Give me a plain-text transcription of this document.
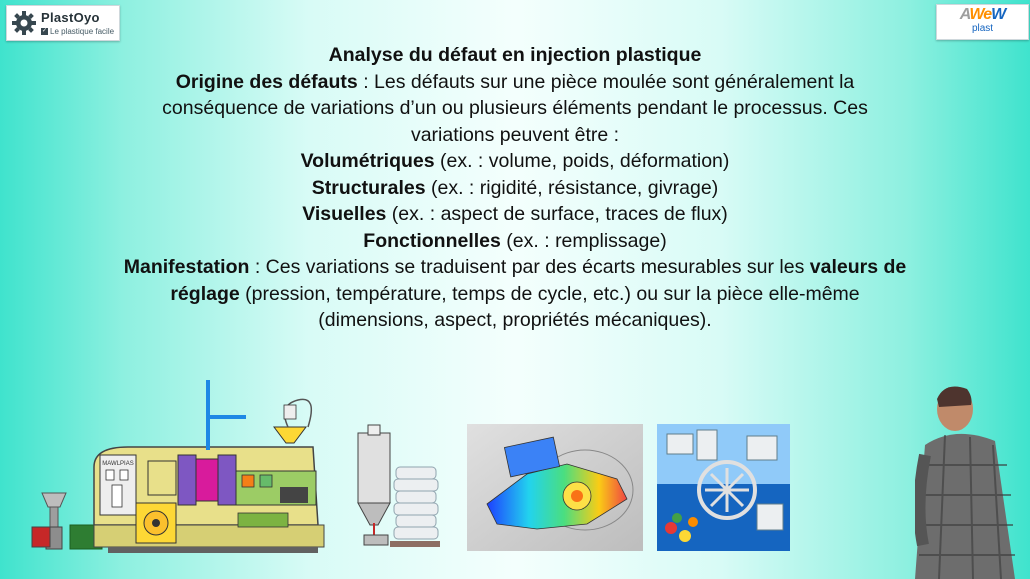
PlastOyo
✓ Le plastique facile
AWeW
plast
Analyse du défaut en injection plastique
Origine des défauts : Les défauts sur une pièce moulée sont généralement la conséquence de variations d’un ou plusieurs éléments pendant le processus. Ces variations peuvent être :
Volumétriques (ex. : volume, poids, déformation)
Structurales (ex. : rigidité, résistance, givrage)
Visuelles (ex. : aspect de surface, traces de flux)
Fonctionnelles (ex. : remplissage)
Manifestation : Ces variations se traduisent par des écarts mesurables sur les valeurs de réglage (pression, température, temps de cycle, etc.) ou sur la pièce elle-même (dimensions, aspect, propriétés mécaniques).
MAWLPIAS
